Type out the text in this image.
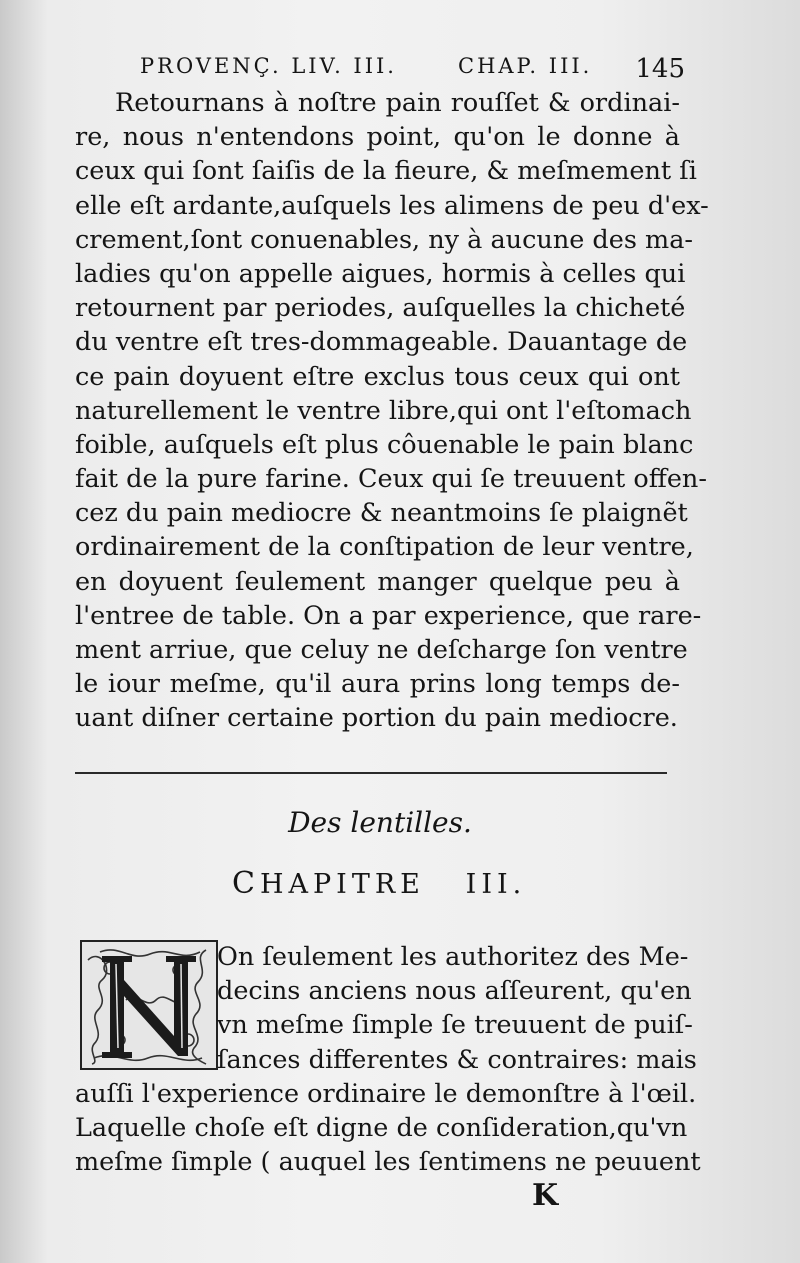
PROVENÇ. LIV. III.	CHAP. III. 145
Retournans à noſtre pain rouſſet & ordinai-
re, nous n'entendons point, qu'on le donne à
ceux qui ſont ſaiſis de la fieure, & meſmement ſi
elle eſt ardante,auſquels les alimens de peu d'ex-
crement,ſont conuenables, ny à aucune des ma-
ladies qu'on appelle aigues, hormis à celles qui
retournent par periodes, auſquelles la chicheté
du ventre eſt tres-dommageable. Dauantage de
ce pain doyuent eſtre exclus tous ceux qui ont
naturellement le ventre libre,qui ont l'eſtomach
foible, auſquels eſt plus côuenable le pain blanc
fait de la pure farine. Ceux qui ſe treuuent offen-
cez du pain mediocre & neantmoins ſe plaignẽt
ordinairement de la conſtipation de leur ventre,
en doyuent ſeulement manger quelque peu à
l'entree de table. On a par experience, que rare-
ment arriue, que celuy ne deſcharge ſon ventre
le iour meſme, qu'il aura prins long temps de-
uant diſner certaine portion du pain mediocre.
Des lentilles.
CHAPITRE III.
On ſeulement les authoritez des Me-
decins anciens nous aſſeurent, qu'en
vn meſme ſimple ſe treuuent de puiſ-
ſances differentes & contraires: mais
auſſi l'experience ordinaire le demonſtre à l'œil.
Laquelle choſe eſt digne de conſideration,qu'vn
meſme ſimple ( auquel les ſentimens ne peuuent
K
